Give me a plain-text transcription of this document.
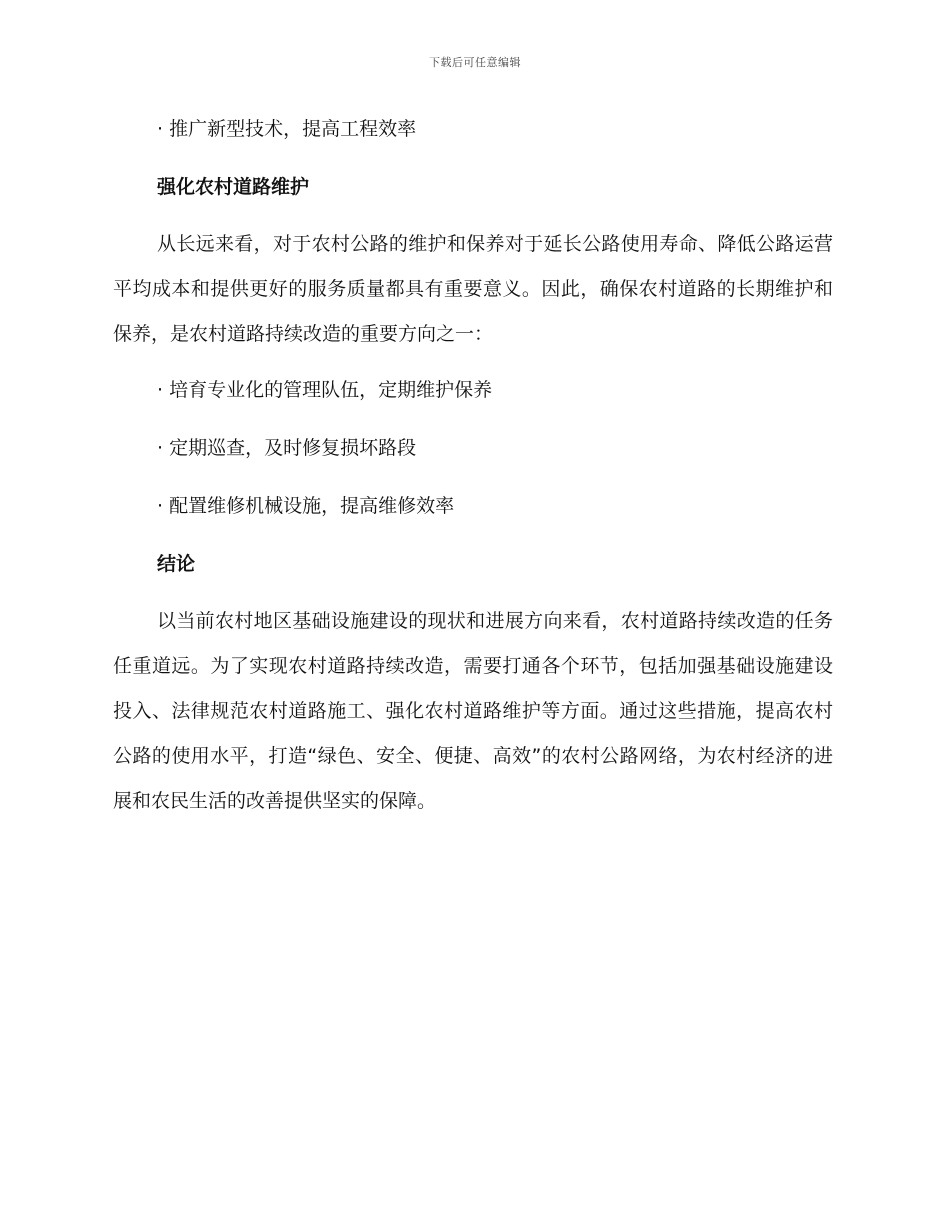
下载后可任意编辑

· 推广新型技术，提高工程效率

强化农村道路维护

从长远来看，对于农村公路的维护和保养对于延长公路使用寿命、降低公路运营平均成本和提供更好的服务质量都具有重要意义。因此，确保农村道路的长期维护和保养，是农村道路持续改造的重要方向之一：

· 培育专业化的管理队伍，定期维护保养

· 定期巡查，及时修复损坏路段

· 配置维修机械设施，提高维修效率

结论

以当前农村地区基础设施建设的现状和进展方向来看，农村道路持续改造的任务任重道远。为了实现农村道路持续改造，需要打通各个环节，包括加强基础设施建设投入、法律规范农村道路施工、强化农村道路维护等方面。通过这些措施，提高农村公路的使用水平，打造“绿色、安全、便捷、高效”的农村公路网络，为农村经济的进展和农民生活的改善提供坚实的保障。
